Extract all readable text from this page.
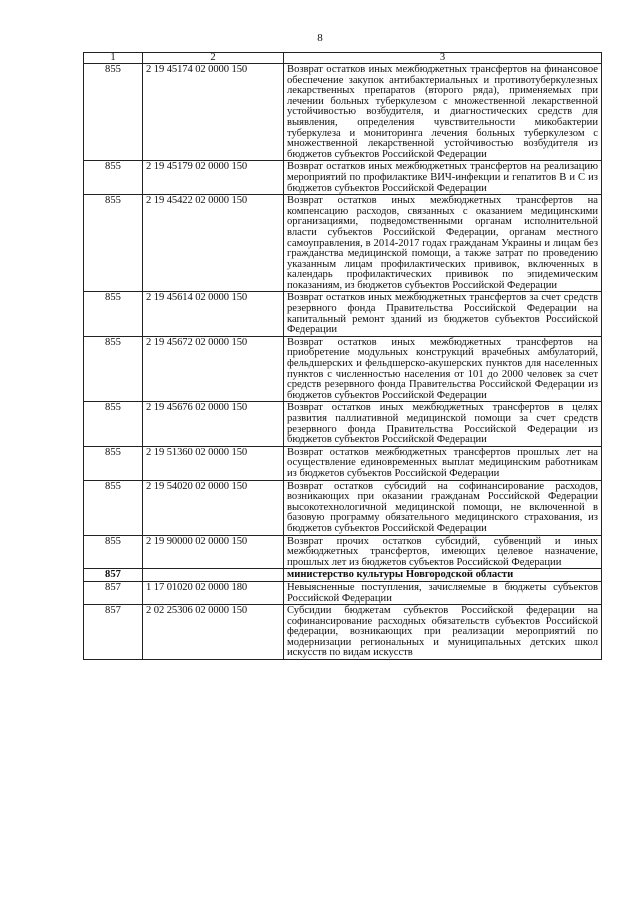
8
1	2	3
855	2 19 45174 02 0000 150	Возврат остатков иных межбюджетных трансфертов на финансовое обеспечение закупок антибактериальных и противотуберкулезных лекарственных препаратов (второго ряда), применяемых при лечении больных туберкулезом с множественной лекарственной устойчивостью возбудителя, и диагностических средств для выявления, определения чувствительности микобактерии туберкулеза и мониторинга лечения больных туберкулезом с множественной лекарственной устойчивостью возбудителя из бюджетов субъектов Российской Федерации
855	2 19 45179 02 0000 150	Возврат остатков иных межбюджетных трансфертов на реализацию мероприятий по профилактике ВИЧ-инфекции и гепатитов В и С из бюджетов субъектов Российской Федерации
855	2 19 45422 02 0000 150	Возврат остатков иных межбюджетных трансфертов на компенсацию расходов, связанных с оказанием медицинскими организациями, подведомственными органам исполнительной власти субъектов Российской Федерации, органам местного самоуправления, в 2014-2017 годах гражданам Украины и лицам без гражданства медицинской помощи, а также затрат по проведению указанным лицам профилактических прививок, включенных в календарь профилактических прививок по эпидемическим показаниям, из бюджетов субъектов Российской Федерации
855	2 19 45614 02 0000 150	Возврат остатков иных межбюджетных трансфертов за счет средств резервного фонда Правительства Российской Федерации на капитальный ремонт зданий из бюджетов субъектов Российской Федерации
855	2 19 45672 02 0000 150	Возврат остатков иных межбюджетных трансфертов на приобретение модульных конструкций врачебных амбулаторий, фельдшерских и фельдшерско-акушерских пунктов для населенных пунктов с численностью населения от 101 до 2000 человек за счет средств резервного фонда Правительства Российской Федерации из бюджетов субъектов Российской Федерации
855	2 19 45676 02 0000 150	Возврат остатков иных межбюджетных трансфертов в целях развития паллиативной медицинской помощи за счет средств резервного фонда Правительства Российской Федерации из бюджетов субъектов Российской Федерации
855	2 19 51360 02 0000 150	Возврат остатков межбюджетных трансфертов прошлых лет на осуществление единовременных выплат медицинским работникам из бюджетов субъектов Российской Федерации
855	2 19 54020 02 0000 150	Возврат остатков субсидий на софинансирование расходов, возникающих при оказании гражданам Российской Федерации высокотехнологичной медицинской помощи, не включенной в базовую программу обязательного медицинского страхования, из бюджетов субъектов Российской Федерации
855	2 19 90000 02 0000 150	Возврат прочих остатков субсидий, субвенций и иных межбюджетных трансфертов, имеющих целевое назначение, прошлых лет из бюджетов субъектов Российской Федерации
857		министерство культуры Новгородской области
857	1 17 01020 02 0000 180	Невыясненные поступления, зачисляемые в бюджеты субъектов Российской Федерации
857	2 02 25306 02 0000 150	Субсидии бюджетам субъектов Российской федерации на софинансирование расходных обязательств субъектов Российской федерации, возникающих при реализации мероприятий по модернизации региональных и муниципальных детских школ искусств по видам искусств
